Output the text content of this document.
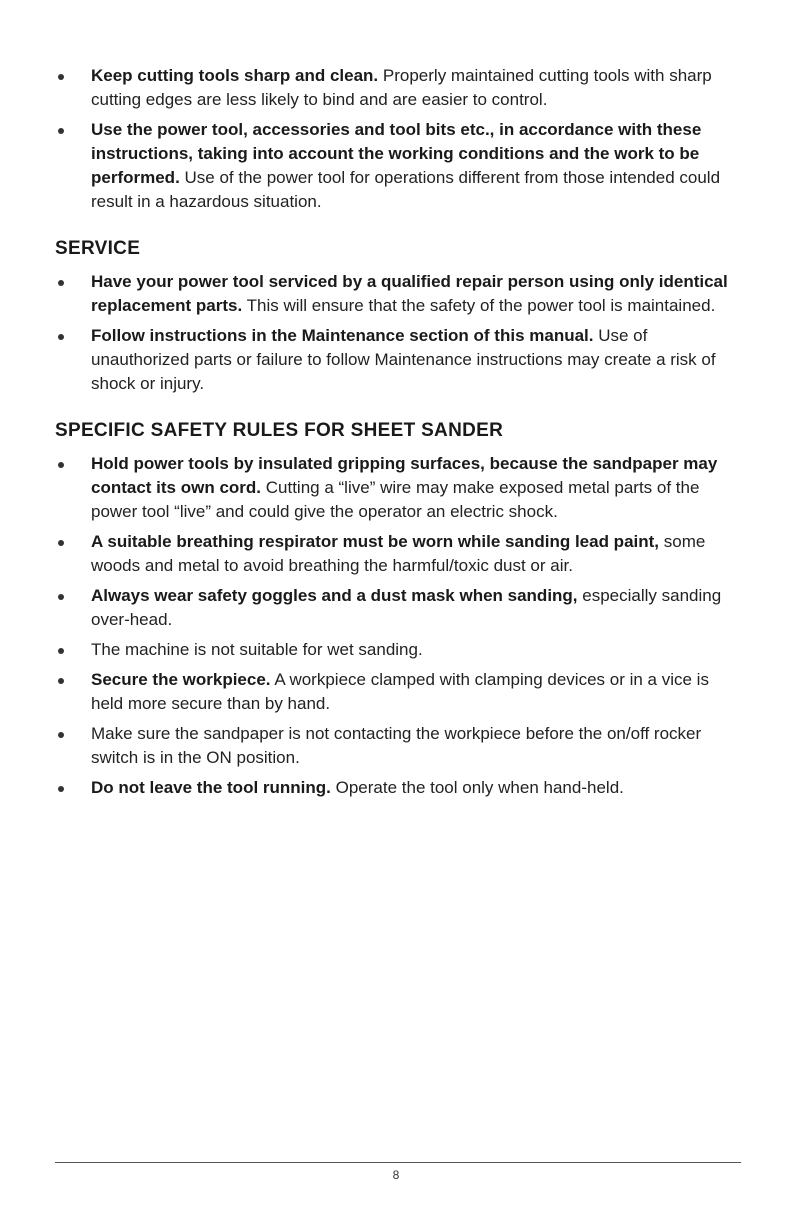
Keep cutting tools sharp and clean. Properly maintained cutting tools with sharp cutting edges are less likely to bind and are easier to control.
Use the power tool, accessories and tool bits etc., in accordance with these instructions, taking into account the working conditions and the work to be performed. Use of the power tool for operations different from those intended could result in a hazardous situation.
SERVICE
Have your power tool serviced by a qualified repair person using only identical replacement parts. This will ensure that the safety of the power tool is maintained.
Follow instructions in the Maintenance section of this manual. Use of unauthorized parts or failure to follow Maintenance instructions may create a risk of shock or injury.
SPECIFIC SAFETY RULES FOR SHEET SANDER
Hold power tools by insulated gripping surfaces, because the sandpaper may contact its own cord. Cutting a “live” wire may make exposed metal parts of the power tool “live” and could give the operator an electric shock.
A suitable breathing respirator must be worn while sanding lead paint, some woods and metal to avoid breathing the harmful/toxic dust or air.
Always wear safety goggles and a dust mask when sanding, especially sanding over-head.
The machine is not suitable for wet sanding.
Secure the workpiece. A workpiece clamped with clamping devices or in a vice is held more secure than by hand.
Make sure the sandpaper is not contacting the workpiece before the on/off rocker switch is in the ON position.
Do not leave the tool running. Operate the tool only when hand-held.
8
